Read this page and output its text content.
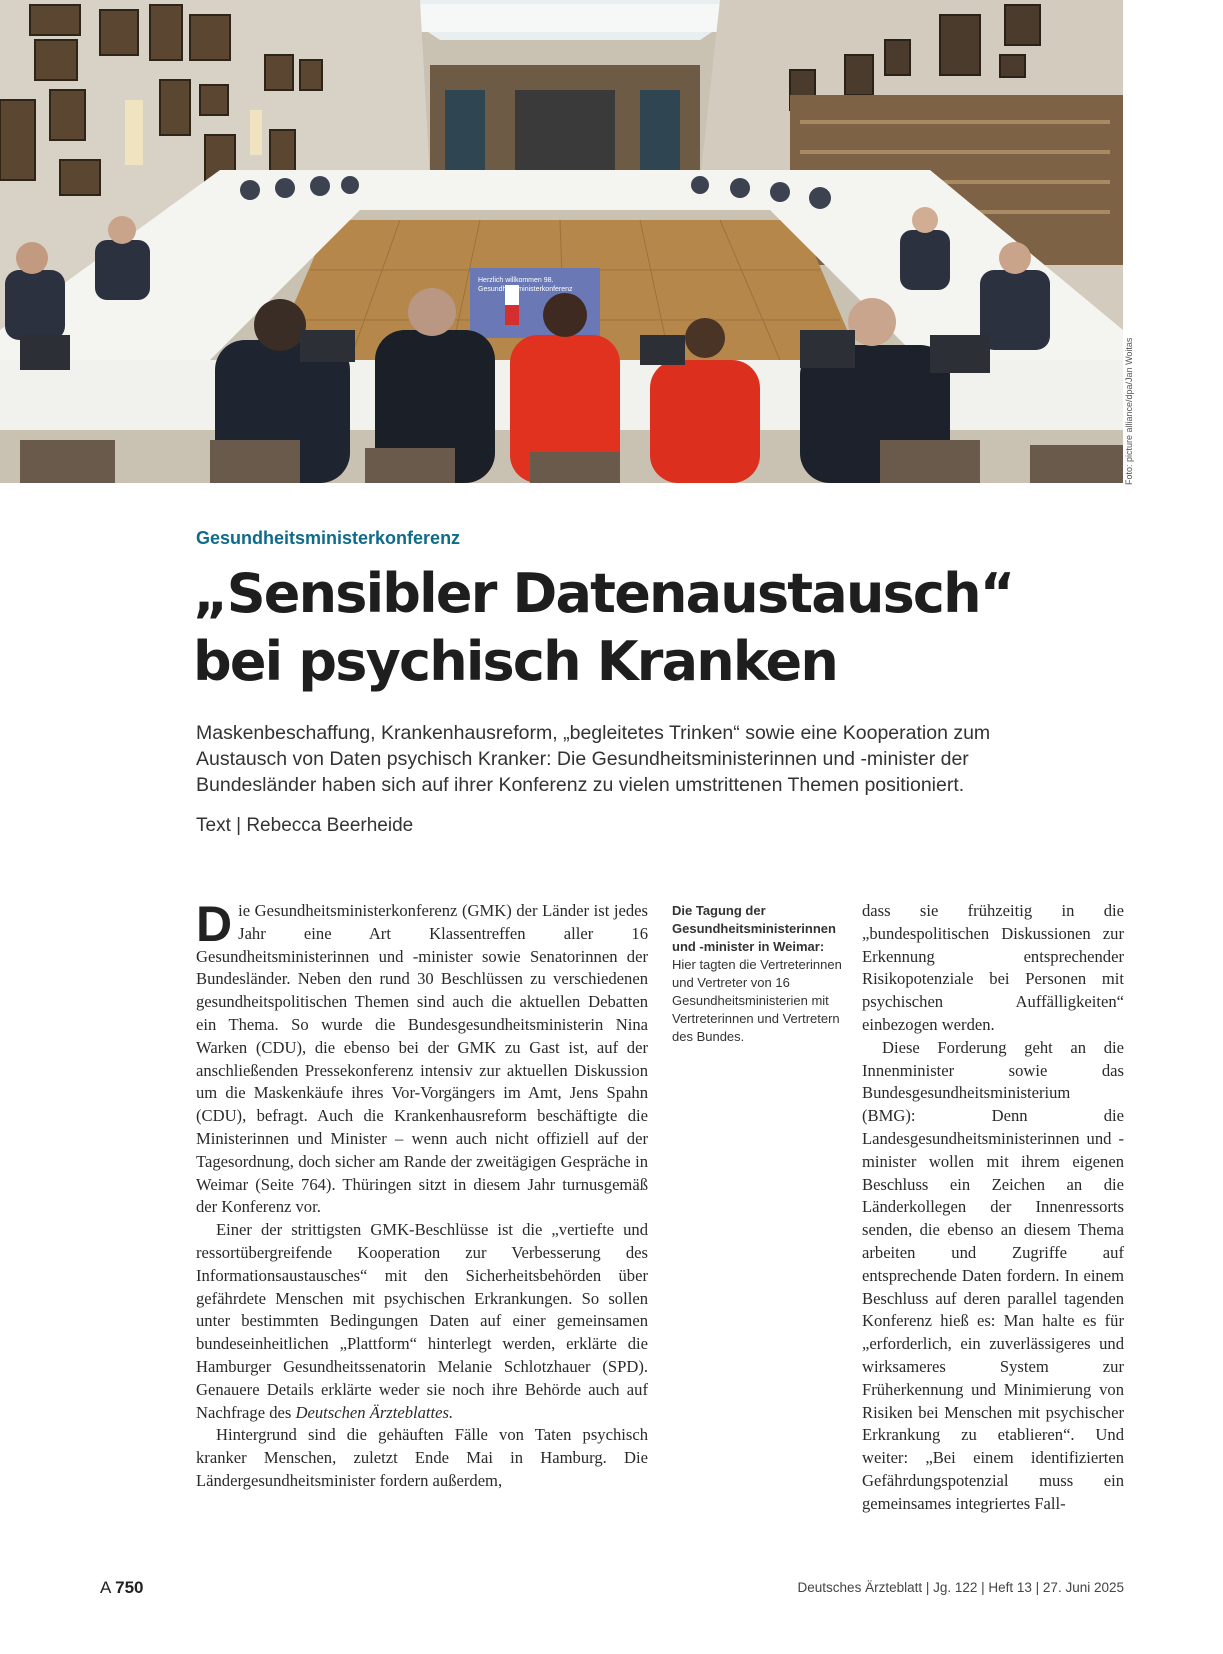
Herzlich willkommen 98. Gesundheitsministerkonferenz
Foto: picture alliance/dpa/Jan Woitas
Gesundheitsministerkonferenz
„Sensibler Datenaustausch“
bei psychisch Kranken

Maskenbeschaffung, Krankenhausreform, „begleitetes Trinken“ sowie eine Kooperation zum Austausch von Daten psychisch Kranker: Die Gesundheitsministerinnen und -minister der Bundesländer haben sich auf ihrer Konferenz zu vielen umstrittenen Themen positioniert.

Text | Rebecca Beerheide

Die Gesundheitsministerkonferenz (GMK) der Länder ist jedes Jahr eine Art Klassentreffen aller 16 Gesundheitsministerinnen und -minister sowie Senatorinnen der Bundesländer. Neben den rund 30 Beschlüssen zu verschiedenen gesundheitspolitischen Themen sind auch die aktuellen Debatten ein Thema. So wurde die Bundesgesundheitsministerin Nina Warken (CDU), die ebenso bei der GMK zu Gast ist, auf der anschließenden Pressekonferenz intensiv zur aktuellen Diskussion um die Maskenkäufe ihres Vor-Vorgängers im Amt, Jens Spahn (CDU), befragt. Auch die Krankenhausreform beschäftigte die Ministerinnen und Minister – wenn auch nicht offiziell auf der Tagesordnung, doch sicher am Rande der zweitägigen Gespräche in Weimar (Seite 764). Thüringen sitzt in diesem Jahr turnusgemäß der Konferenz vor.

Einer der strittigsten GMK-Beschlüsse ist die „vertiefte und ressortübergreifende Kooperation zur Verbesserung des Informationsaustausches“ mit den Sicherheitsbehörden über gefährdete Menschen mit psychischen Erkrankungen. So sollen unter bestimmten Bedingungen Daten auf einer gemeinsamen bundeseinheitlichen „Plattform“ hinterlegt werden, erklärte die Hamburger Gesundheitssenatorin Melanie Schlotzhauer (SPD). Genauere Details erklärte weder sie noch ihre Behörde auch auf Nachfrage des Deutschen Ärzteblattes.

Hintergrund sind die gehäuften Fälle von Taten psychisch kranker Menschen, zuletzt Ende Mai in Hamburg. Die Ländergesundheitsminister fordern außerdem,

Die Tagung der Gesundheitsministerinnen und -minister in Weimar:
Hier tagten die Vertreterinnen und Vertreter von 16 Gesundheitsministerien mit Vertreterinnen und Vertretern des Bundes.

dass sie frühzeitig in die „bundespolitischen Diskussionen zur Erkennung entsprechender Risikopotenziale bei Personen mit psychischen Auffälligkeiten“ einbezogen werden.

Diese Forderung geht an die Innenminister sowie das Bundesgesundheitsministerium (BMG): Denn die Landesgesundheitsministerinnen und -minister wollen mit ihrem eigenen Beschluss ein Zeichen an die Länderkollegen der Innenressorts senden, die ebenso an diesem Thema arbeiten und Zugriffe auf entsprechende Daten fordern. In einem Beschluss auf deren parallel tagenden Konferenz hieß es: Man halte es für „erforderlich, ein zuverlässigeres und wirksameres System zur Früherkennung und Minimierung von Risiken bei Menschen mit psychischer Erkrankung zu etablieren“. Und weiter: „Bei einem identifizierten Gefährdungspotenzial muss ein gemeinsames integriertes Fall-

A 750	Deutsches Ärzteblatt | Jg. 122 | Heft 13 | 27. Juni 2025
